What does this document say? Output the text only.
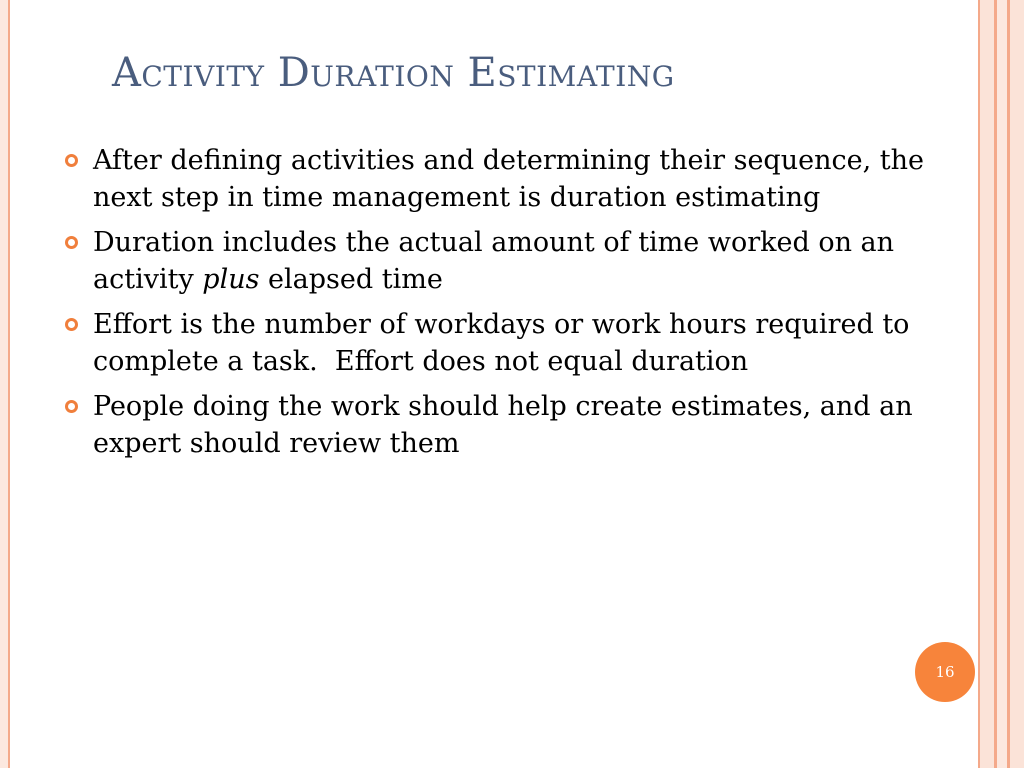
Activity Duration Estimating
After defining activities and determining their sequence, the next step in time management is duration estimating
Duration includes the actual amount of time worked on an activity plus elapsed time
Effort is the number of workdays or work hours required to complete a task.  Effort does not equal duration
People doing the work should help create estimates, and an expert should review them
16
